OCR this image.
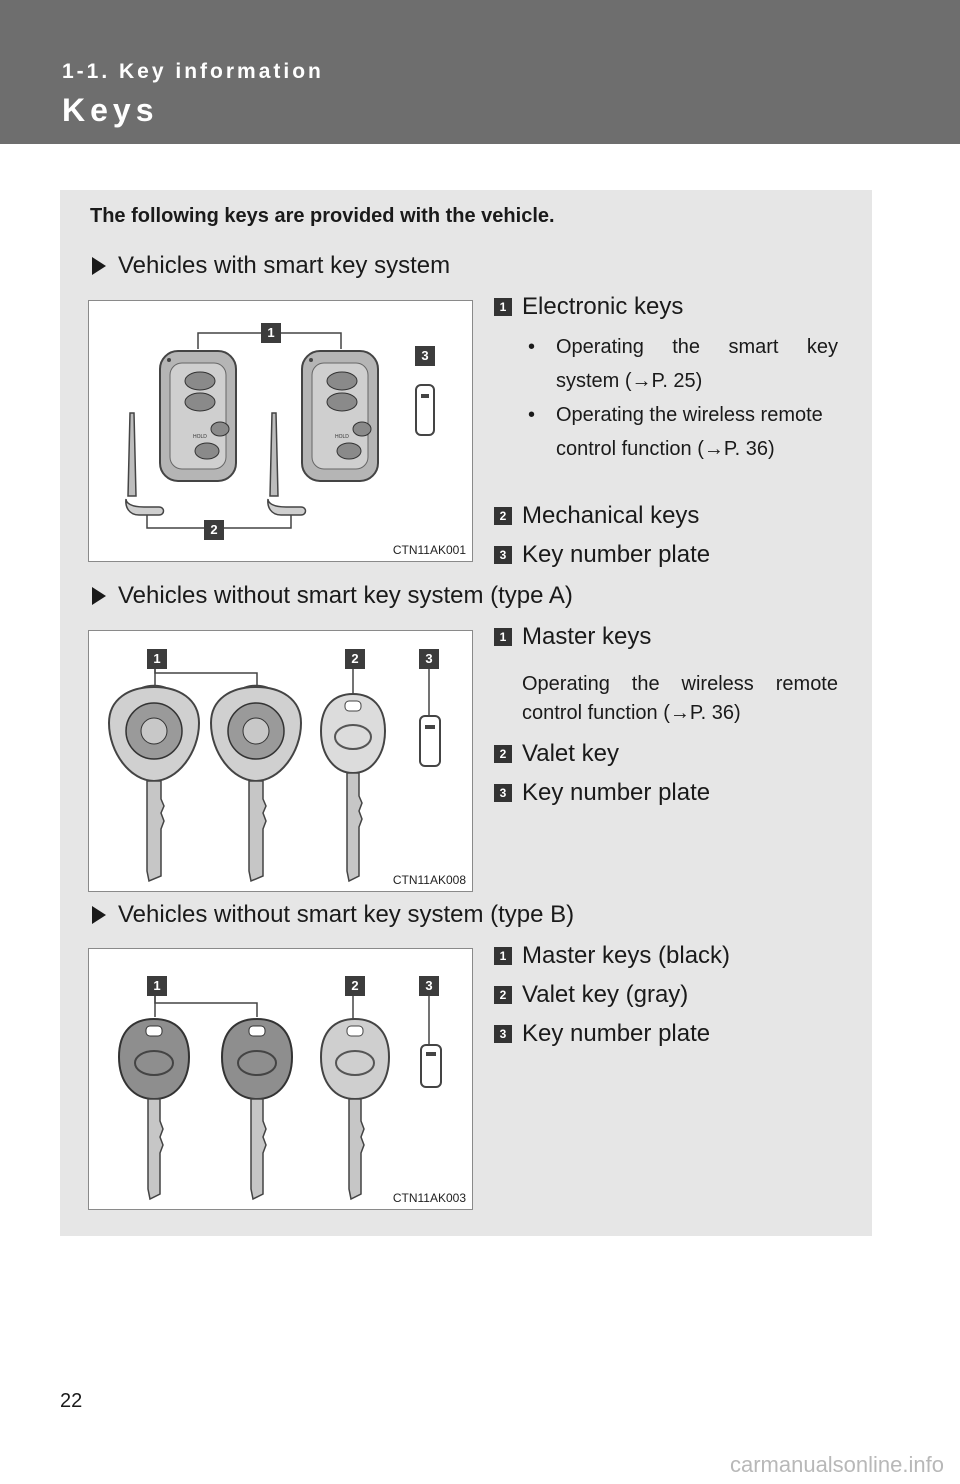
1-1. Key information
Keys
The following keys are provided with the vehicle.
Vehicles with smart key system
HOLD	HOLD
1
2
3
CTN11AK001
1 Electronic keys
•	Operating the smart key system (→P. 25)
•	Operating the wireless remote control function (→P. 36)
2 Mechanical keys
3 Key number plate
Vehicles without smart key system (type A)
1	2	3
CTN11AK008
1 Master keys
Operating the wireless remote control function (→P. 36)
2 Valet key
3 Key number plate
Vehicles without smart key system (type B)
1	2	3
CTN11AK003
1 Master keys (black)
2 Valet key (gray)
3 Key number plate
22
carmanualsonline.info
